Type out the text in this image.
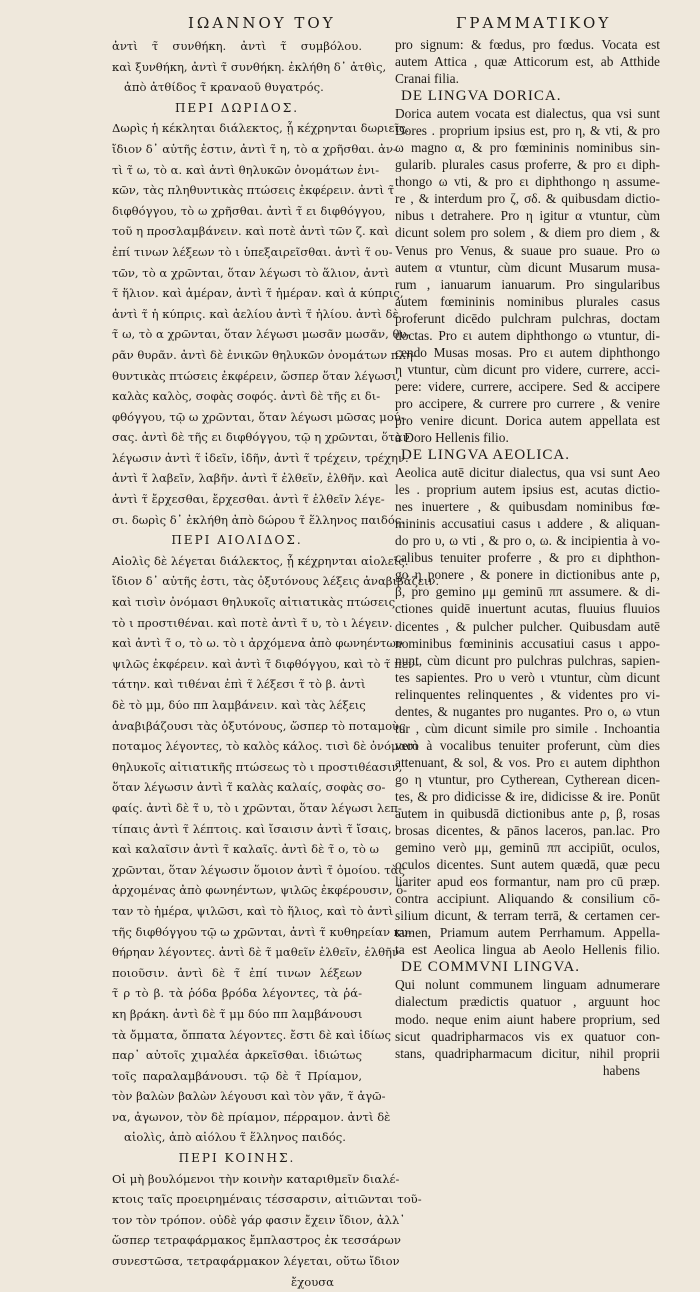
ΙΩΑΝΝΟΥ ΤΟΥ	ΓΡΑΜΜΑΤΙΚΟΥ
ἀντὶ τ̃ συνθήκη. ἀντὶ τ̃ συμβόλου.
καὶ ξυνθήκη, ἀντὶ τ̃ συνθήκη. ἐκλήθη δ᾽ ἀτθὶς,
ἀπὸ ἀτθίδος τ̃ κραναοῦ θυγατρός.
ΠΕΡΙ ΔΩΡΙΔΟΣ.
Δωρὶς ἡ κέκληται διάλεκτος, ᾗ κέχρηνται δωριεῖς.
ἴδιον δ᾽ αὐτῆς ἐστιν, ἀντὶ τ̃ η, τὸ α χρῆσθαι. ἀν-
τὶ τ̃ ω, τὸ α. καὶ ἀντὶ θηλυκῶν ὀνομάτων ἑνι-
κῶν, τὰς πληθυντικὰς πτώσεις ἐκφέρειν. ἀντὶ τ̃
διφθόγγου, τὸ ω χρῆσθαι. ἀντὶ τ̃ ει διφθόγγου,
τοῦ η προσλαμβάνειν. καὶ ποτὲ ἀντὶ τῶν ζ. καὶ
ἐπί τινων λέξεων τὸ ι ὑπεξαιρεῖσθαι. ἀντὶ τ̃ ου-
τῶν, τὸ α χρῶνται, ὅταν λέγωσι τὸ ἅλιον, ἀντὶ
τ̃ ἥλιον. καὶ ἁμέραν, ἀντὶ τ̃ ἡμέραν. καὶ ἁ κύπρις,
ἀντὶ τ̃ ἡ κύπρις. καὶ ἀελίου ἀντὶ τ̃ ἡλίου. ἀντὶ δὲ
τ̃ ω, τὸ α χρῶνται, ὅταν λέγωσι μωσᾶν μωσᾶν, θυ-
ρᾶν θυρᾶν. ἀντὶ δὲ ἑνικῶν θηλυκῶν ὀνομάτων πλη-
θυντικὰς πτώσεις ἐκφέρειν, ὥσπερ ὅταν λέγωσι,
καλὰς καλὸς, σοφὰς σοφός. ἀντὶ δὲ τῆς ει δι-
φθόγγου, τῷ ω χρῶνται, ὅταν λέγωσι μῶσας μού-
σας. ἀντὶ δὲ τῆς ει διφθόγγου, τῷ η χρῶνται, ὅταν
λέγωσιν ἀντὶ τ̃ ἰδεῖν, ἰδῆν, ἀντὶ τ̃ τρέχειν, τρέχην.
ἀντὶ τ̃ λαβεῖν, λαβῆν. ἀντὶ τ̃ ἐλθεῖν, ἐλθῆν. καὶ
ἀντὶ τ̃ ἔρχεσθαι, ἔρχεσθαι. ἀντὶ τ̃ ἐλθεῖν λέγε-
σι. δωρὶς δ᾽ ἐκλήθη ἀπὸ δώρου τ̃ ἕλληνος παιδός.
ΠΕΡΙ ΑΙΟΛΙΔΟΣ.
Αἰολὶς δὲ λέγεται διάλεκτος, ᾗ κέχρηνται αἰολεῖς.
ἴδιον δ᾽ αὐτῆς ἐστι, τὰς ὀξυτόνους λέξεις ἀναβιβάζειν.
καὶ τισὶν ὀνόμασι θηλυκοῖς αἰτιατικὰς πτώσεις
τὸ ι προστιθέναι. καὶ ποτὲ ἀντὶ τ̃ υ, τὸ ι λέγειν.
καὶ ἀντὶ τ̃ ο, τὸ ω. τὸ ι ἀρχόμενα ἀπὸ φωνηέντων
ψιλῶς ἐκφέρειν. καὶ ἀντὶ τ̃ διφθόγγου, καὶ τὸ τ̃ πεν-
τάτην. καὶ τιθέναι ἐπὶ τ̃ λέξεσι τ̃ τὸ β. ἀντὶ
δὲ τὸ μμ, δύο ππ λαμβάνειν. καὶ τὰς λέξεις
ἀναβιβάζουσι τὰς ὀξυτόνους, ὥσπερ τὸ ποταμοὺς
ποταμος λέγοντες, τὸ καλὸς κάλος. τισὶ δὲ ὀνόμασι
θηλυκοῖς αἰτιατικῆς πτώσεως τὸ ι προστιθέασιν,
ὅταν λέγωσιν ἀντὶ τ̃ καλὰς καλαίς, σοφὰς σο-
φαίς. ἀντὶ δὲ τ̃ υ, τὸ ι χρῶνται, ὅταν λέγωσι λεπ-
τίπαις ἀντὶ τ̃ λέπτοις. καὶ ἴσαισιν ἀντὶ τ̃ ἴσαις,
καὶ καλαῖσιν ἀντὶ τ̃ καλαῖς. ἀντὶ δὲ τ̃ ο, τὸ ω
χρῶνται, ὅταν λέγωσιν ὅμοιον ἀντὶ τ̃ ὁμοίου. τὰς
ἀρχομένας ἀπὸ φωνηέντων, ψιλῶς ἐκφέρουσιν, ὅ-
ταν τὸ ἡμέρα, ψιλῶσι, καὶ τὸ ἥλιος, καὶ τὸ ἀντὶ
τῆς διφθόγγου τῷ ω χρῶνται, ἀντὶ τ̃ κυθηρείαν κυ-
θήρηαν λέγοντες. ἀντὶ δὲ τ̃ μαθεῖν ἐλθεῖν, ἐλθῆν
ποιοῦσιν. ἀντὶ δὲ τ̃ ἐπί τινων λέξεων
τ̃ ρ τὸ β. τὰ ῥόδα βρόδα λέγοντες, τὰ ῥά-
κη βράκη. ἀντὶ δὲ τ̃ μμ δύο ππ λαμβάνουσι
τὰ ὄμματα, ὄππατα λέγοντες. ἔστι δὲ καὶ ἰδίως
παρ᾽ αὐτοῖς χιμαλέα ἀρκεῖσθαι. ἰδιώτως
τοῖς παραλαμβάνουσι. τῷ δὲ τ̃ Πρίαμον,
τὸν βαλὼν βαλὼν λέγουσι καὶ τὸν γᾶν, τ̃ ἀγῶ-
να, ἀγωνον, τὸν δὲ πρίαμον, πέρραμον. ἀντὶ δὲ
αἰολὶς, ἀπὸ αἰόλου τ̃ ἕλληνος παιδός.
ΠΕΡΙ ΚΟΙΝΗΣ.
Οἱ μὴ βουλόμενοι τὴν κοινὴν καταριθμεῖν διαλέ-
κτοις ταῖς προειρημέναις τέσσαρσιν, αἰτιῶνται τοῦ-
τον τὸν τρόπον. οὐδὲ γάρ φασιν ἔχειν ἴδιον, ἀλλ᾽
ὥσπερ τετραφάρμακος ἔμπλαστρος ἐκ τεσσάρων
συνεστῶσα, τετραφάρμακον λέγεται, οὕτω ἴδιον
ἔχουσα
pro signum: & fœdus, pro fœdus. Vocata est
autem Attica , quæ Atticorum est, ab Atthide
Cranai filia.
DE LINGVA DORICA.
Dorica autem vocata est dialectus, qua vsi sunt
Dores . proprium ipsius est, pro η, & vti, & pro
ω magno α, & pro fœmininis nominibus sin-
gularib. plurales casus proferre, & pro ει diph-
thongo ω vti, & pro ει diphthongo η assume-
re , & interdum pro ζ, σδ. & quibusdam dictio-
nibus ι detrahere. Pro η igitur α vtuntur, cùm
dicunt solem pro solem , & diem pro diem , &
Venus pro Venus, & suaue pro suaue. Pro ω
autem α vtuntur, cùm dicunt Musarum musa-
rum , ianuarum ianuarum. Pro singularibus
autem fœmininis nominibus plurales casus
proferunt dicēdo pulchram pulchras, doctam
doctas. Pro ει autem diphthongo ω vtuntur, di-
cendo Musas mosas. Pro ει autem diphthongo
η vtuntur, cùm dicunt pro videre, currere, acci-
pere: videre, currere, accipere. Sed & accipere
pro accipere, & currere pro currere , & venire
pro venire dicunt. Dorica autem appellata est
à Doro Hellenis filio.
DE LINGVA AEOLICA.
Aeolica autē dicitur dialectus, qua vsi sunt Aeo
les . proprium autem ipsius est, acutas dictio-
nes inuertere , & quibusdam nominibus fœ-
mininis accusatiui casus ι addere , & aliquan-
do pro υ, ω vti , & pro ο, ω. & incipientia à vo-
calibus tenuiter proferre , & pro ει diphthon-
go η ponere , & ponere in dictionibus ante ρ,
β, pro gemino μμ geminū ππ assumere. & di-
ctiones quidē inuertunt acutas, fluuius fluuios
dicentes , & pulcher pulcher. Quibusdam autē
nominibus fœmininis accusatiui casus ι appo-
nunt, cùm dicunt pro pulchras pulchras, sapien-
tes sapientes. Pro υ verò ι vtuntur, cùm dicunt
relinquentes relinquentes , & videntes pro vi-
dentes, & nugantes pro nugantes. Pro ο, ω vtun
tur , cùm dicunt simile pro simile . Inchoantia
verò à vocalibus tenuiter proferunt, cùm dies
attenuant, & sol, & vos. Pro ει autem diphthon
go η vtuntur, pro Cytherean, Cytherean dicen-
tes, & pro didicisse & ire, didicisse & ire. Ponūt
autem in quibusdā dictionibus ante ρ, β, rosas
brosas dicentes, & pānos laceros, pan.lac. Pro
gemino verò μμ, geminū ππ accipiūt, oculos,
oculos dicentes. Sunt autem quædā, quæ pecu
liariter apud eos formantur, nam pro cū præp.
contra accipiunt. Aliquando & consilium cō-
silium dicunt, & terram terrā, & certamen cer-
tamen, Priamum autem Perrhamum. Appella-
ta est Aeolica lingua ab Aeolo Hellenis filio.
DE COMMVNI LINGVA.
Qui nolunt communem linguam adnumerare
dialectum prædictis quatuor , arguunt hoc
modo. neque enim aiunt habere proprium, sed
sicut quadripharmacos vis ex quatuor con-
stans, quadripharmacum dicitur, nihil proprii
habens
